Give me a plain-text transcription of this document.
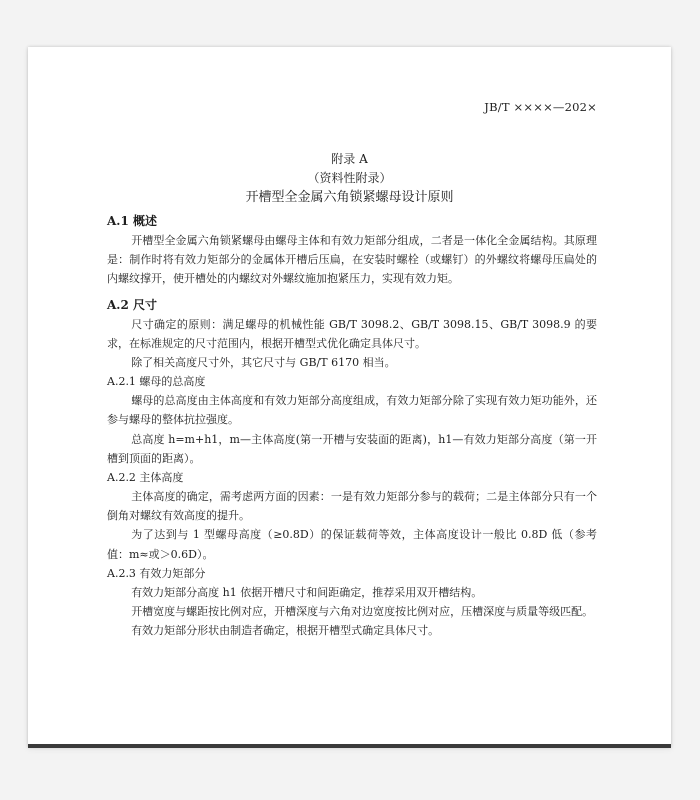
JB/T ××××—202×
附录 A
（资料性附录）
开槽型全金属六角锁紧螺母设计原则
A.1 概述

开槽型全金属六角锁紧螺母由螺母主体和有效力矩部分组成，二者是一体化全金属结构。其原理是：制作时将有效力矩部分的金属体开槽后压扁，在安装时螺栓（或螺钉）的外螺纹将螺母压扁处的内螺纹撑开，使开槽处的内螺纹对外螺纹施加抱紧压力，实现有效力矩。

A.2 尺寸

尺寸确定的原则：满足螺母的机械性能 GB/T 3098.2、GB/T 3098.15、GB/T 3098.9 的要求，在标准规定的尺寸范围内，根据开槽型式优化确定具体尺寸。

除了相关高度尺寸外，其它尺寸与 GB/T 6170 相当。

A.2.1 螺母的总高度

螺母的总高度由主体高度和有效力矩部分高度组成，有效力矩部分除了实现有效力矩功能外，还参与螺母的整体抗拉强度。

总高度 h=m+h1，m—主体高度(第一开槽与安装面的距离)，h1—有效力矩部分高度（第一开槽到顶面的距离）。

A.2.2 主体高度

主体高度的确定，需考虑两方面的因素：一是有效力矩部分参与的载荷；二是主体部分只有一个倒角对螺纹有效高度的提升。

为了达到与 1 型螺母高度（≥0.8D）的保证载荷等效，主体高度设计一般比 0.8D 低（参考值：m≈或＞0.6D）。

A.2.3 有效力矩部分

有效力矩部分高度 h1 依据开槽尺寸和间距确定，推荐采用双开槽结构。

开槽宽度与螺距按比例对应，开槽深度与六角对边宽度按比例对应，压槽深度与质量等级匹配。

有效力矩部分形状由制造者确定，根据开槽型式确定具体尺寸。
